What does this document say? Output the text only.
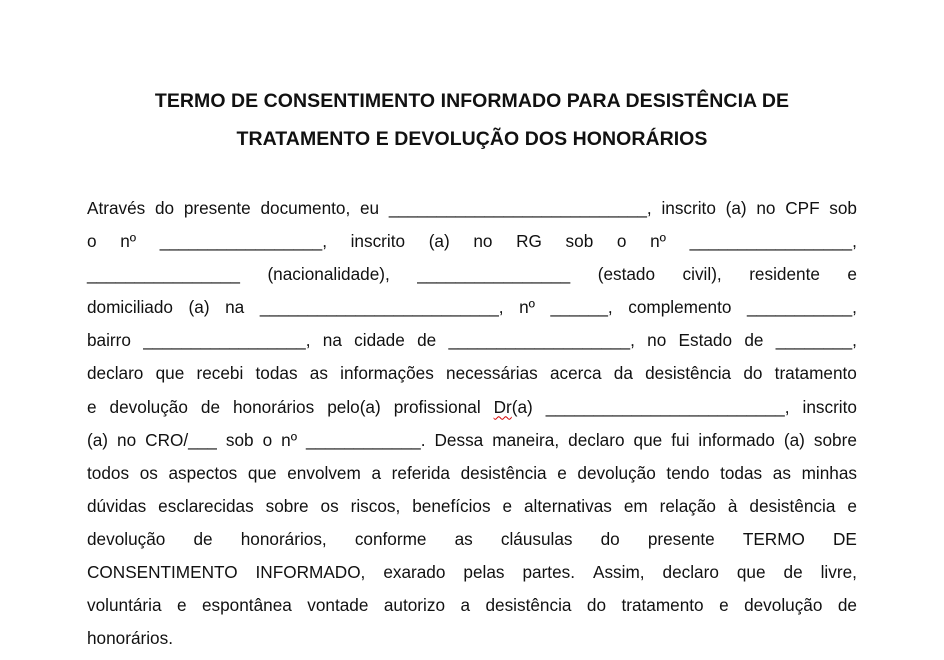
TERMO DE CONSENTIMENTO INFORMADO PARA DESISTÊNCIA DE
TRATAMENTO E DEVOLUÇÃO DOS HONORÁRIOS
Através do presente documento, eu ___________________________, inscrito (a) no CPF sob
o nº _________________, inscrito (a) no RG sob o nº _________________,
________________ (nacionalidade), ________________ (estado civil), residente e
domiciliado (a) na _________________________, nº ______, complemento ___________,
bairro _________________, na cidade de ___________________, no Estado de ________,
declaro que recebi todas as informações necessárias acerca da desistência do tratamento
e devolução de honorários pelo(a) profissional Dr(a) _________________________, inscrito
(a) no CRO/___ sob o nº ____________. Dessa maneira, declaro que fui informado (a) sobre
todos os aspectos que envolvem a referida desistência e devolução tendo todas as minhas
dúvidas esclarecidas sobre os riscos, benefícios e alternativas em relação à desistência e
devolução de honorários, conforme as cláusulas do presente TERMO DE
CONSENTIMENTO INFORMADO, exarado pelas partes. Assim, declaro que de livre,
voluntária e espontânea vontade autorizo a desistência do tratamento e devolução de
honorários.
